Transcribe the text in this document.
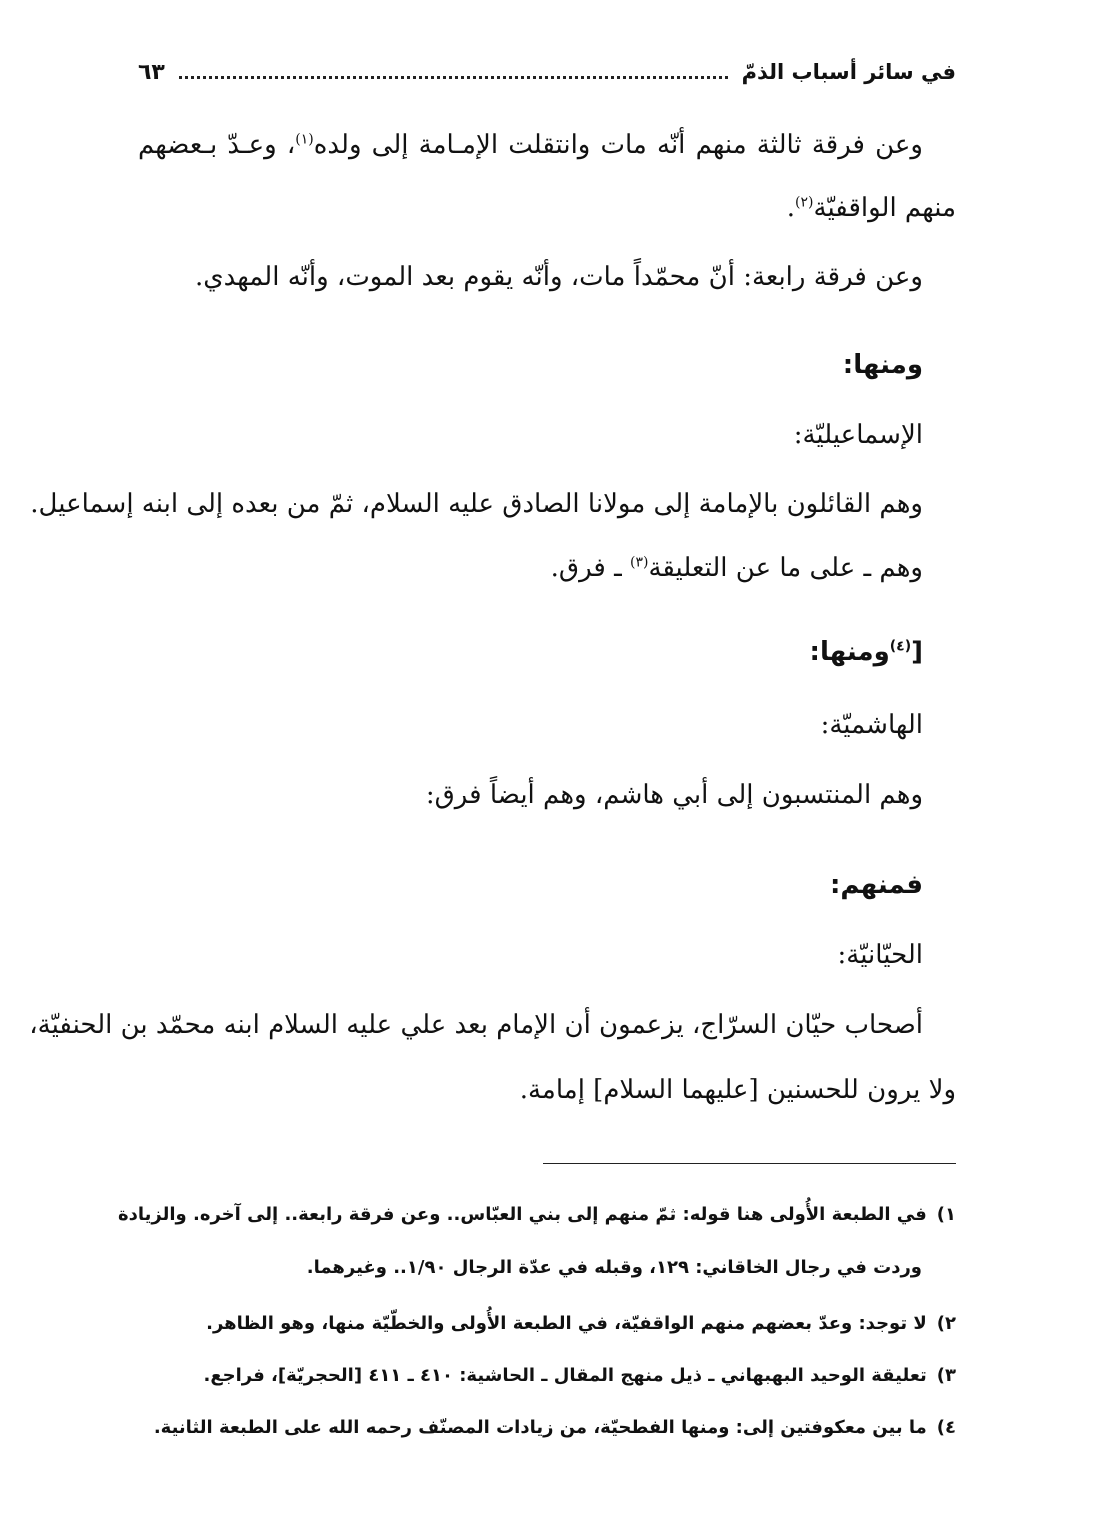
في سائر أسباب الذمّ
٦٣
وعن فرقة ثالثة منهم أنّه مات وانتقلت الإمـامة إلى ولده$^{(١)}$، وعـدّ بـعضهم
منهم الواقفيّة$^{(٢)}$.
وعن فرقة رابعة: أنّ محمّداً مات، وأنّه يقوم بعد الموت، وأنّه المهدي.
ومنها:
الإسماعيليّة:
وهم القائلون بالإمامة إلى مولانا الصادق عليه السلام، ثمّ من بعده إلى ابنه إسماعيل.
وهم ـ على ما عن التعليقة$^{(٣)}$ ـ فرق.
[$^{(٤)}$ومنها:
الهاشميّة:
وهم المنتسبون إلى أبي هاشم، وهم أيضاً فرق:
فمنهم:
الحيّانيّة:
أصحاب حيّان السرّاج، يزعمون أن الإمام بعد علي عليه السلام ابنه محمّد بن الحنفيّة،
ولا يرون للحسنين [عليهما السلام] إمامة.
١)في الطبعة الأُولى هنا قوله: ثمّ منهم إلى بني العبّاس.. وعن فرقة رابعة.. إلى آخره. والزيادة
وردت في رجال الخاقاني: ١٢٩، وقبله في عدّة الرجال ١/٩٠.. وغيرهما.
٢)لا توجد: وعدّ بعضهم منهم الواقفيّة، في الطبعة الأُولى والخطّيّة منها، وهو الظاهر.
٣)تعليقة الوحيد البهبهاني ـ ذيل منهج المقال ـ الحاشية: ٤١٠ ـ ٤١١ [الحجريّة]، فراجع.
٤)ما بين معكوفتين إلى: ومنها الفطحيّة، من زيادات المصنّف رحمه الله على الطبعة الثانية.
